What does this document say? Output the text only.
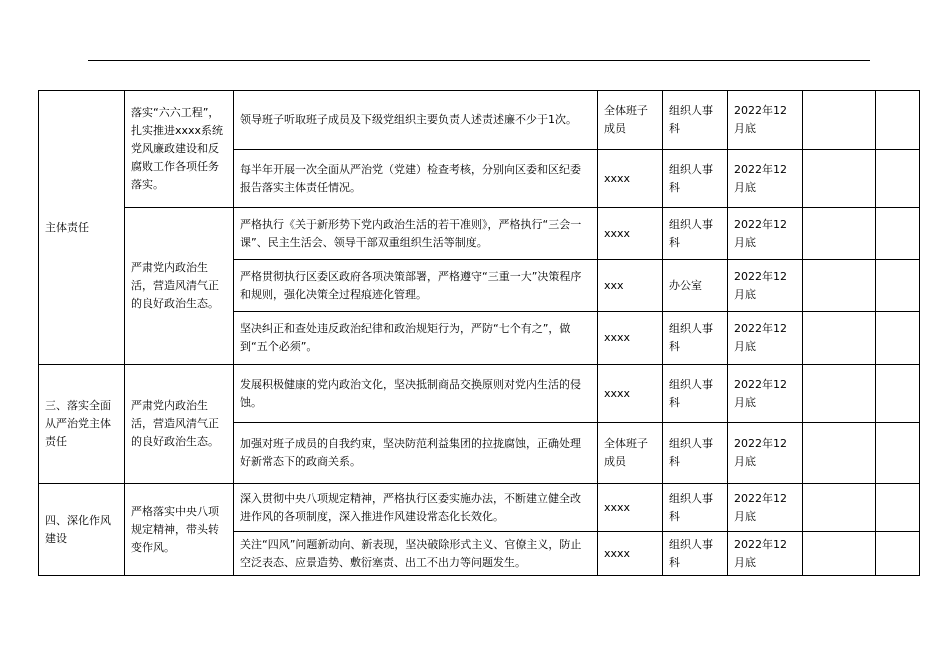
主体责任	落实“六六工程”，扎实推进xxxx系统党风廉政建设和反腐败工作各项任务落实。	领导班子听取班子成员及下级党组织主要负责人述责述廉不少于1次。	全体班子成员	组织人事科	2022年12月底		
		每半年开展一次全面从严治党（党建）检查考核，分别向区委和区纪委报告落实主体责任情况。	xxxx	组织人事科	2022年12月底		
	严肃党内政治生活，营造风清气正的良好政治生态。	严格执行《关于新形势下党内政治生活的若干准则》，严格执行“三会一课”、民主生活会、领导干部双重组织生活等制度。	xxxx	组织人事科	2022年12月底		
		严格贯彻执行区委区政府各项决策部署，严格遵守“三重一大”决策程序和规则，强化决策全过程痕迹化管理。	xxx	办公室	2022年12月底		
		坚决纠正和查处违反政治纪律和政治规矩行为，严防“七个有之”，做到“五个必须”。	xxxx	组织人事科	2022年12月底		
三、落实全面从严治党主体责任	严肃党内政治生活，营造风清气正的良好政治生态。	发展积极健康的党内政治文化，坚决抵制商品交换原则对党内生活的侵蚀。	xxxx	组织人事科	2022年12月底		
		加强对班子成员的自我约束，坚决防范利益集团的拉拢腐蚀，正确处理好新常态下的政商关系。	全体班子成员	组织人事科	2022年12月底		
四、深化作风建设	严格落实中央八项规定精神，带头转变作风。	深入贯彻中央八项规定精神，严格执行区委实施办法，不断建立健全改进作风的各项制度，深入推进作风建设常态化长效化。	xxxx	组织人事科	2022年12月底		
		关注“四风”问题新动向、新表现，坚决破除形式主义、官僚主义，防止空泛表态、应景造势、敷衍塞责、出工不出力等问题发生。	xxxx	组织人事科	2022年12月底		
